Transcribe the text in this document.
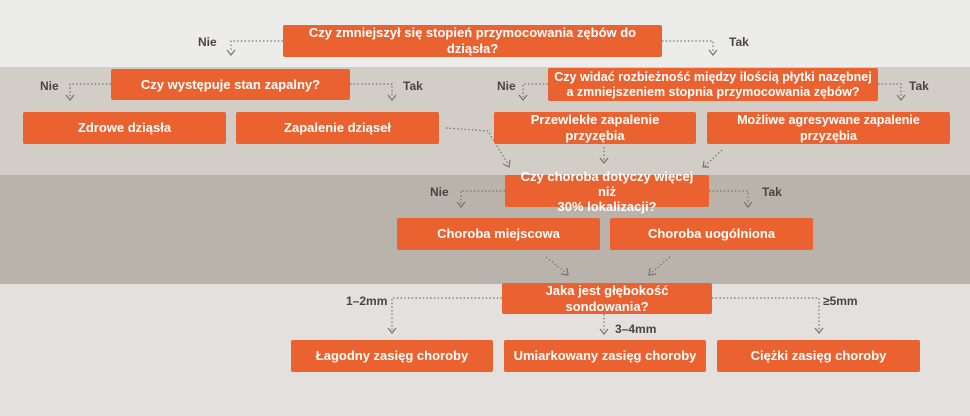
Czy zmniejszył się stopień przymocowania zębów do dziąsła?
Nie	Tak
Czy występuje stan zapalny?
Nie	Tak
Czy widać rozbieżność między ilością płytki nazębnej
a zmniejszeniem stopnia przymocowania zębów?
Nie	Tak
Zdrowe dziąsła	Zapalenie dziąseł
Przewlekłe zapalenie przyzębia
Możliwe agresywane zapalenie przyzębia
Czy choroba dotyczy więcej niż
30% lokalizacji?
Nie	Tak
Choroba miejscowa	Choroba uogólniona
Jaka jest głębokość sondowania?
1–2mm
3–4mm
≥5mm
Łagodny zasięg choroby	Umiarkowany zasięg choroby	Ciężki zasięg choroby
